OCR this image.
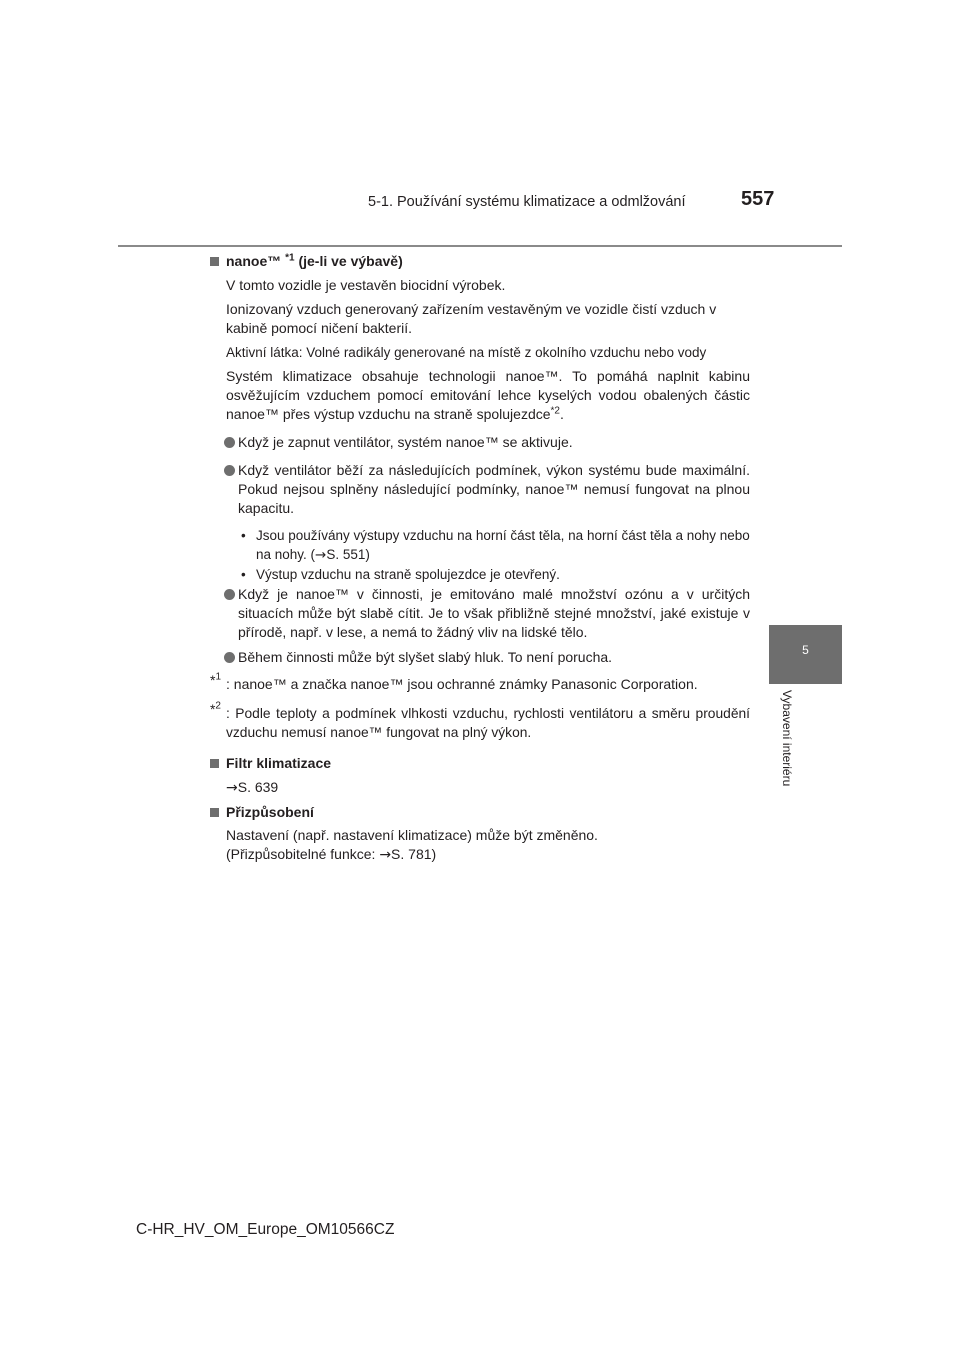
5-1. Používání systému klimatizace a odmlžování	557
5
Vybavení interiéru
nanoe™ $^{*1}$ (je-li ve výbavě)
V tomto vozidle je vestavěn biocidní výrobek.
Ionizovaný vzduch generovaný zařízením vestavěným ve vozidle čistí vzduch v kabině pomocí ničení bakterií.
Aktivní látka: Volné radikály generované na místě z okolního vzduchu nebo vody
Systém klimatizace obsahuje technologii nanoe™. To pomáhá naplnit kabinu osvěžujícím vzduchem pomocí emitování lehce kyselých vodou obalených částic nanoe™ přes výstup vzduchu na straně spolujezdce$^{*2}$.
Když je zapnut ventilátor, systém nanoe™ se aktivuje.
Když ventilátor běží za následujících podmínek, výkon systému bude maximální. Pokud nejsou splněny následující podmínky, nanoe™ nemusí fungovat na plnou kapacitu.
• Jsou používány výstupy vzduchu na horní část těla, na horní část těla a nohy nebo na nohy. (→S. 551)
• Výstup vzduchu na straně spolujezdce je otevřený.
Když je nanoe™ v činnosti, je emitováno malé množství ozónu a v určitých situacích může být slabě cítit. Je to však přibližně stejné množství, jaké existuje v přírodě, např. v lese, a nemá to žádný vliv na lidské tělo.
Během činnosti může být slyšet slabý hluk. To není porucha.
*$^1$ : nanoe™ a značka nanoe™ jsou ochranné známky Panasonic Corporation.
*$^2$
: Podle teploty a podmínek vlhkosti vzduchu, rychlosti ventilátoru a směru proudění vzduchu nemusí nanoe™ fungovat na plný výkon.
Filtr klimatizace
→S. 639
Přizpůsobení
Nastavení (např. nastavení klimatizace) může být změněno.
(Přizpůsobitelné funkce: →S. 781)
C-HR_HV_OM_Europe_OM10566CZ
